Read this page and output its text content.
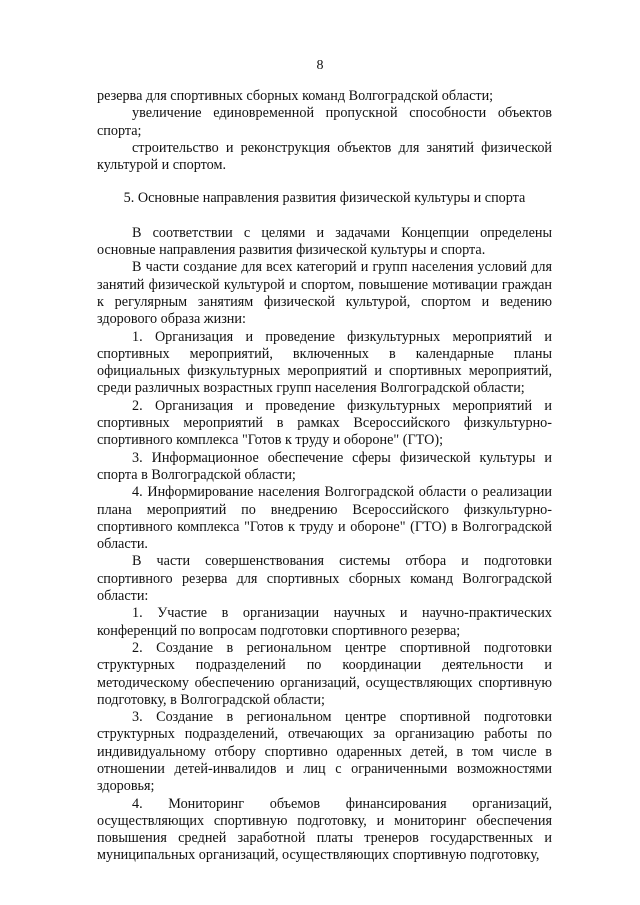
8

резерва для спортивных сборных команд Волгоградской области;

увеличение единовременной пропускной способности объектов спорта;

строительство и реконструкция объектов для занятий физической культурой и спортом.

5. Основные направления развития физической культуры и спорта

В соответствии с целями и задачами Концепции определены основные направления развития физической культуры и спорта.

В части создание для всех категорий и групп населения условий для занятий физической культурой и спортом, повышение мотивации граждан к регулярным занятиям физической культурой, спортом и ведению здорового образа жизни:

1. Организация и проведение физкультурных мероприятий и спортивных мероприятий, включенных в календарные планы официальных физкультурных мероприятий и спортивных мероприятий, среди различных возрастных групп населения Волгоградской области;

2. Организация и проведение физкультурных мероприятий и спортивных мероприятий в рамках Всероссийского физкультурно-спортивного комплекса "Готов к труду и обороне" (ГТО);

3. Информационное обеспечение сферы физической культуры и спорта в Волгоградской области;

4. Информирование населения Волгоградской области о реализации плана мероприятий по внедрению Всероссийского физкультурно-спортивного комплекса "Готов к труду и обороне" (ГТО) в Волгоградской области.

В части совершенствования системы отбора и подготовки спортивного резерва для спортивных сборных команд Волгоградской области:

1. Участие в организации научных и научно-практических конференций по вопросам подготовки спортивного резерва;

2. Создание в региональном центре спортивной подготовки структурных подразделений по координации деятельности и методическому обеспечению организаций, осуществляющих спортивную подготовку, в Волгоградской области;

3. Создание в региональном центре спортивной подготовки структурных подразделений, отвечающих за организацию работы по индивидуальному отбору спортивно одаренных детей, в том числе в отношении детей-инвалидов и лиц с ограниченными возможностями здоровья;

4. Мониторинг объемов финансирования организаций, осуществляющих спортивную подготовку, и мониторинг обеспечения повышения средней заработной платы тренеров государственных и муниципальных организаций, осуществляющих спортивную подготовку,
